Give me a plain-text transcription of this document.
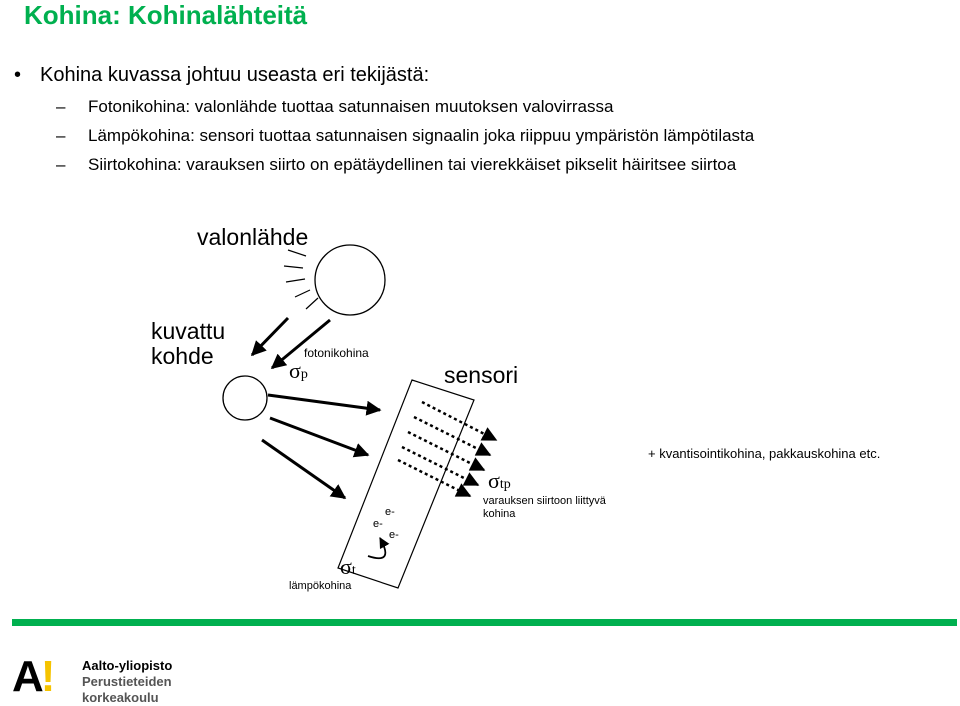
Kohina: Kohinalähteitä
• Kohina kuvassa johtuu useasta eri tekijästä:
– Fotonikohina: valonlähde tuottaa satunnaisen muutoksen valovirrassa
– Lämpökohina: sensori tuottaa satunnaisen signaalin joka riippuu ympäristön lämpötilasta
– Siirtokohina: varauksen siirto on epätäydellinen tai vierekkäiset pikselit häiritsee siirtoa
valonlähde
kuvattu
kohde	fotonikohina
σp	sensori
σtp
varauksen siirtoon liittyvä
kohina
e-
e-
e-
σt
lämpökohina
+ kvantisointikohina, pakkauskohina etc.
A! Aalto-yliopisto
Perustieteiden
korkeakoulu
